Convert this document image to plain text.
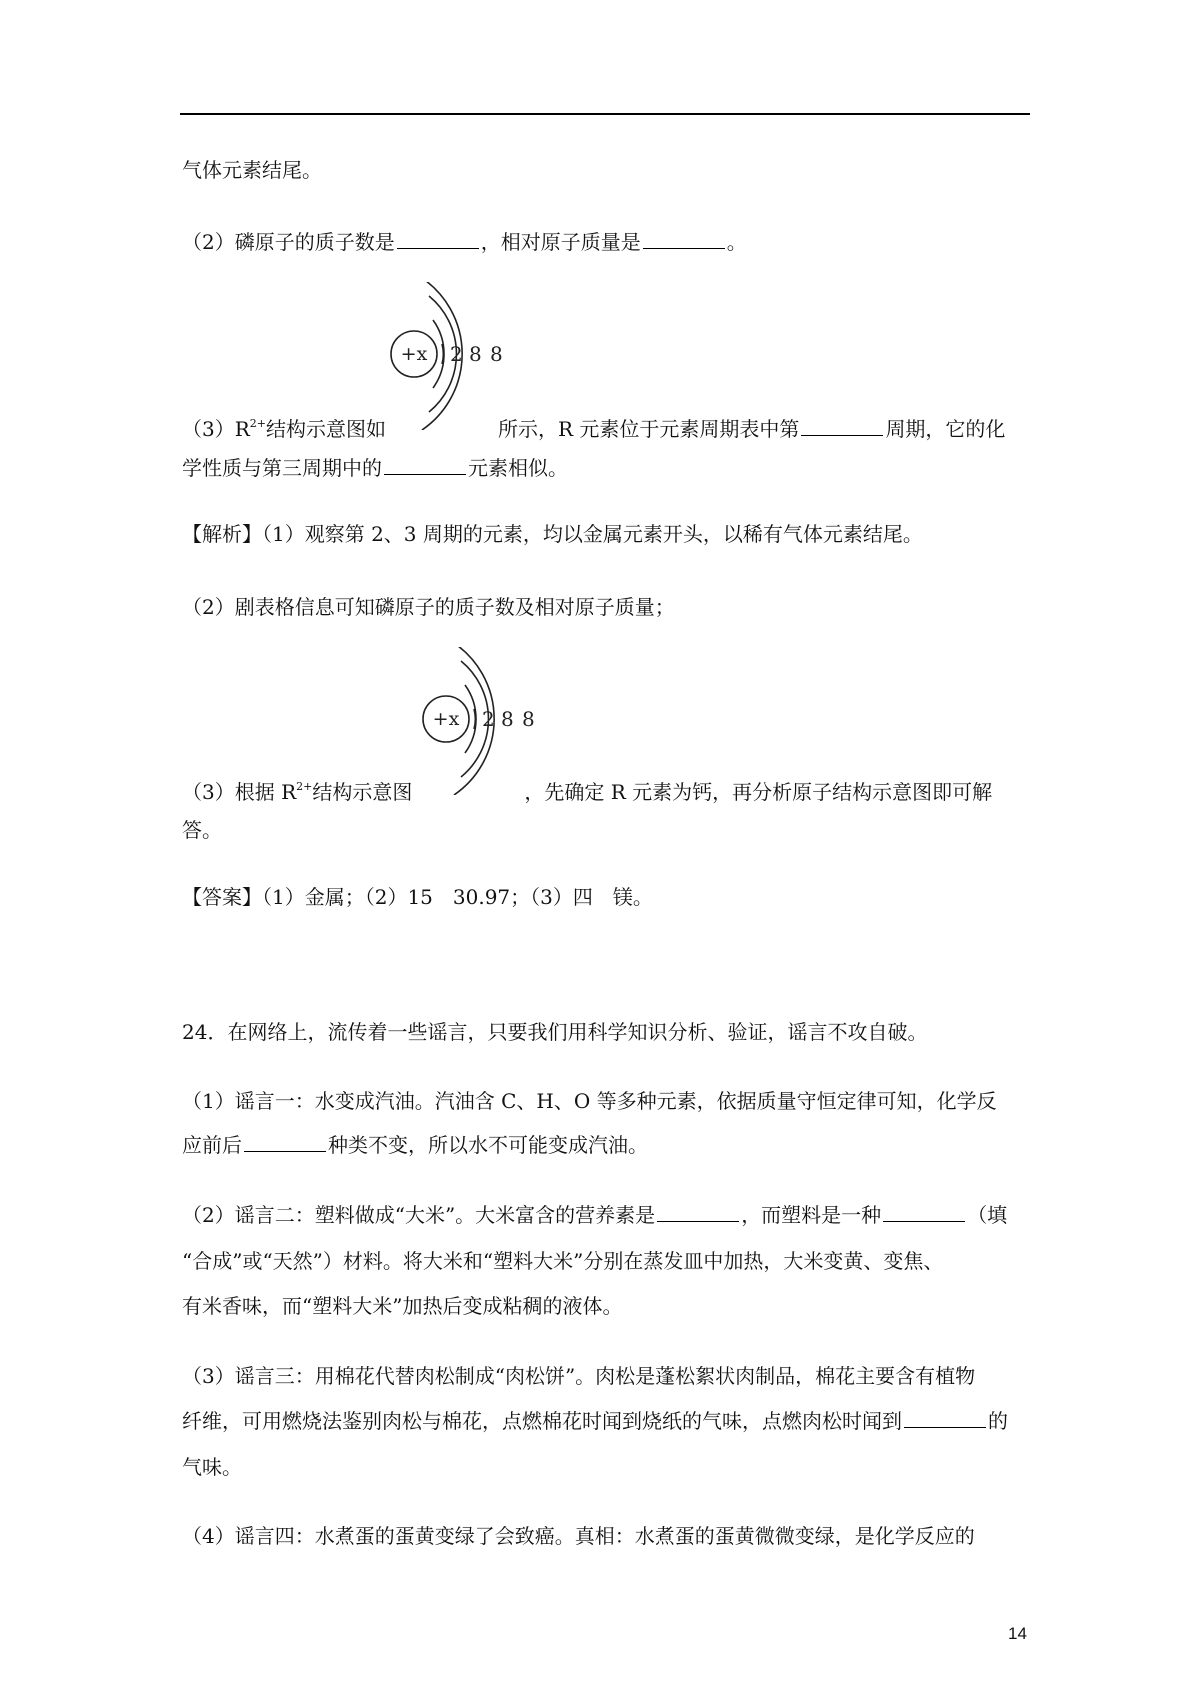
气体元素结尾。
（2）磷原子的质子数是	，相对原子质量是	。
+x 2 8 8
$(3)R^{2+}$结构示意图如	所示，R 元素位于元素周期表中第	周期，它的化
学性质与第三周期中的	元素相似。
【解析】（1）观察第 2、3 周期的元素，均以金属元素开头，以稀有气体元素结尾。
（2）剧表格信息可知磷原子的质子数及相对原子质量；
+x 2 8 8
（3）根据 $R^{2+}$结构示意图	，先确定 R 元素为钙，再分析原子结构示意图即可解
答。
【答案】（1）金属；（2）15　30.97；（3）四　镁。
24．在网络上，流传着一些谣言，只要我们用科学知识分析、验证，谣言不攻自破。
（1）谣言一：水变成汽油。汽油含 C、H、O 等多种元素，依据质量守恒定律可知，化学反
应前后	种类不变，所以水不可能变成汽油。
（2）谣言二：塑料做成“大米”。大米富含的营养素是	，而塑料是一种	（填
“合成”或“天然”）材料。将大米和“塑料大米”分别在蒸发皿中加热，大米变黄、变焦、
有米香味，而“塑料大米”加热后变成粘稠的液体。
（3）谣言三：用棉花代替肉松制成“肉松饼”。肉松是蓬松絮状肉制品，棉花主要含有植物
纤维，可用燃烧法鉴别肉松与棉花，点燃棉花时闻到烧纸的气味，点燃肉松时闻到	的
气味。
（4）谣言四：水煮蛋的蛋黄变绿了会致癌。真相：水煮蛋的蛋黄微微变绿，是化学反应的
14
